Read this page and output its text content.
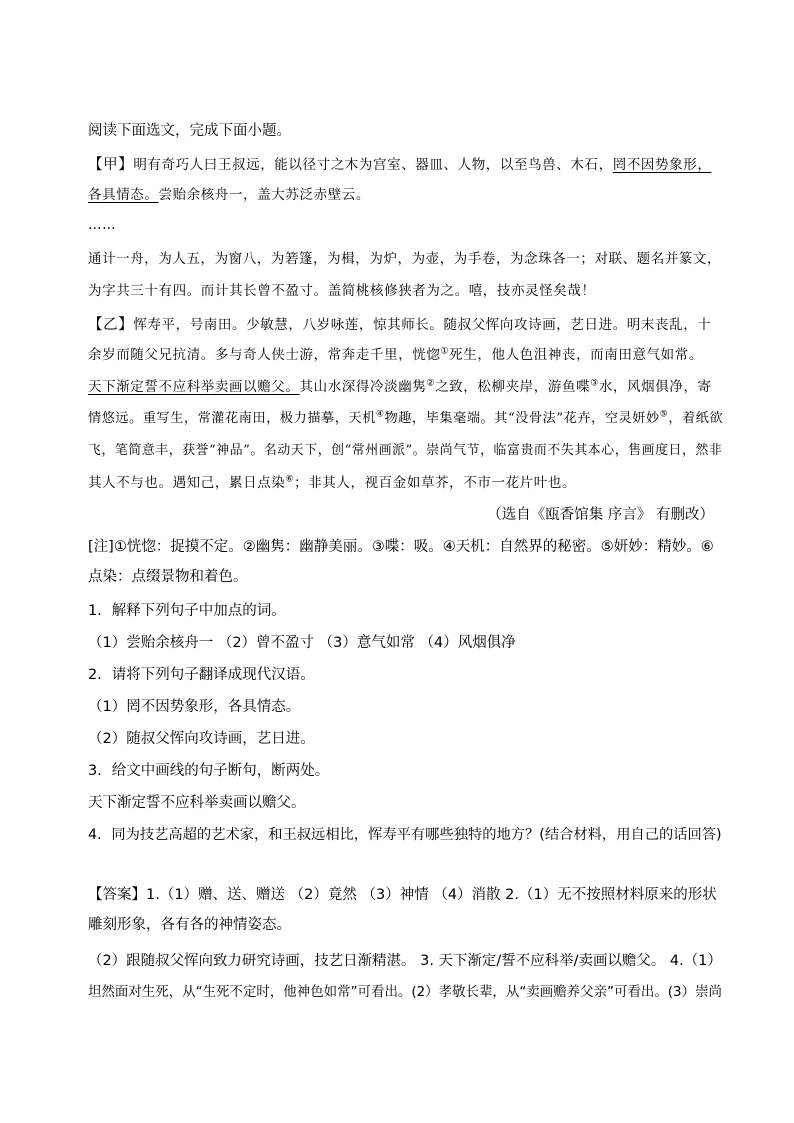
阅读下面选文，完成下面小题。
【甲】明有奇巧人曰王叔远，能以径寸之木为宫室、器皿、人物，以至鸟兽、木石，罔不因势象形，
各具情态。尝贻余核舟一，盖大苏泛赤壁云。
……
通计一舟，为人五，为窗八，为箬篷，为楫，为炉，为壶，为手卷，为念珠各一；对联、题名并篆文，
为字共三十有四。而计其长曾不盈寸。盖简桃核修狭者为之。嘻，技亦灵怪矣哉！
【乙】恽寿平，号南田。少敏慧，八岁咏莲，惊其师长。随叔父恽向攻诗画，艺日进。明末丧乱，十
余岁而随父兄抗清。多与奇人侠士游，常奔走千里，恍惚①死生，他人色沮神丧，而南田意气如常。
天下渐定誓不应科举卖画以赡父。其山水深得冷淡幽隽②之致，松柳夹岸，游鱼喋③水，风烟俱净，寄
情悠远。重写生，常灌花南田，极力描摹，天机④物趣，毕集毫端。其“没骨法”花卉，空灵妍妙⑤，着纸欲
飞，笔简意丰，获誉“神品”。名动天下，创“常州画派”。崇尚气节，临富贵而不失其本心，售画度日，然非
其人不与也。遇知己，累日点染⑥；非其人，视百金如草芥，不市一花片叶也。
（选自《瓯香馆集 序言》 有删改）
[注]①恍惚：捉摸不定。②幽隽：幽静美丽。③喋：吸。④天机：自然界的秘密。⑤妍妙：精妙。⑥
点染：点缀景物和着色。
1．解释下列句子中加点的词。
（1）尝贻余核舟一 （2）曾不盈寸 （3）意气如常 （4）风烟俱净
2．请将下列句子翻译成现代汉语。
（1）罔不因势象形，各具情态。
（2）随叔父恽向攻诗画，艺日进。
3．给文中画线的句子断句，断两处。
天下渐定誓不应科举卖画以赡父。
4．同为技艺高超的艺术家，和王叔远相比，恽寿平有哪些独特的地方？(结合材料，用自己的话回答)
【答案】1.（1）赠、送、赠送 （2）竟然 （3）神情 （4）消散 2.（1）无不按照材料原来的形状
雕刻形象，各有各的神情姿态。
（2）跟随叔父恽向致力研究诗画，技艺日渐精湛。 3. 天下渐定/誓不应科举/卖画以赡父。 4.（1）
坦然面对生死，从“生死不定时，他神色如常”可看出。(2）孝敬长辈，从“卖画赡养父亲”可看出。(3）崇尚
